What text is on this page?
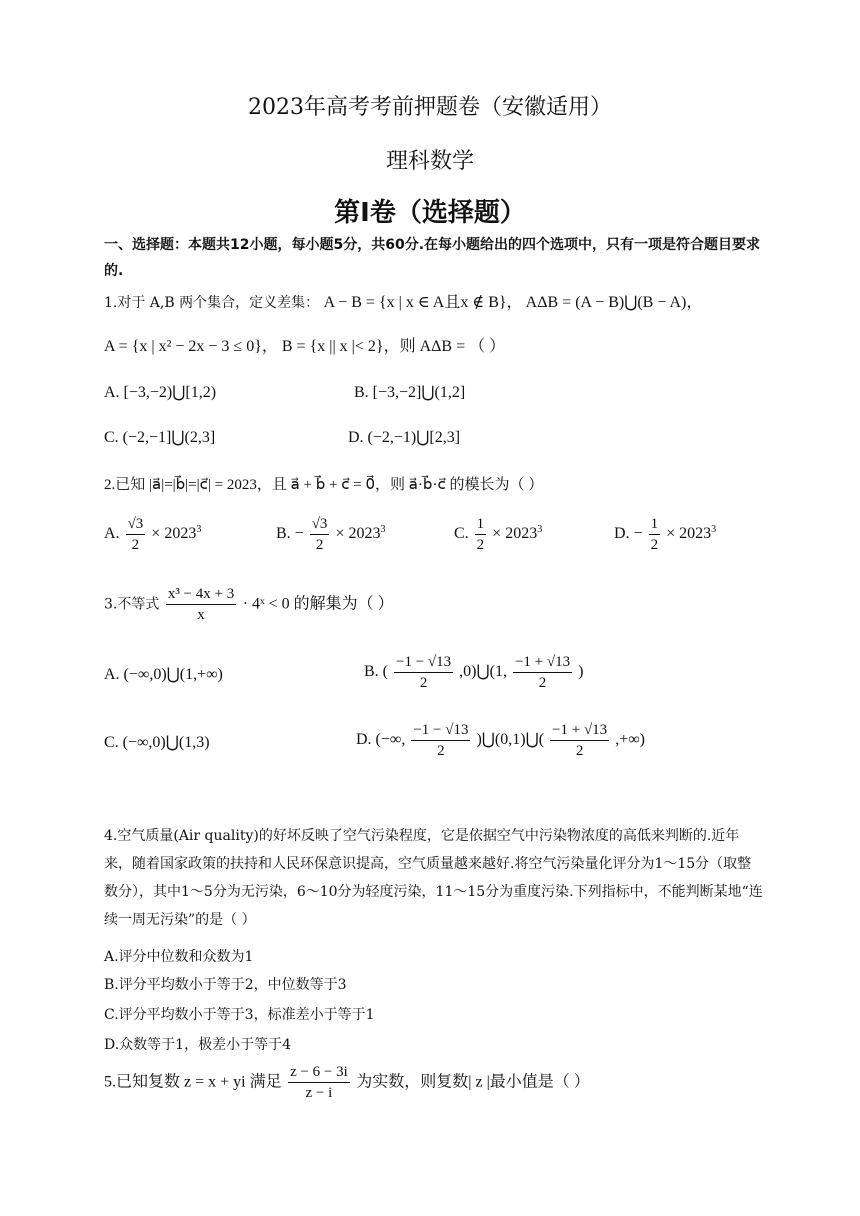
2023年高考考前押题卷（安徽适用）
理科数学
第Ⅰ卷（选择题）
一、选择题：本题共12小题，每小题5分，共60分.在每小题给出的四个选项中，只有一项是符合题目要求的.
1.对于 A,B 两个集合，定义差集： A − B = {x | x ∈ A且x ∉ B}， AΔB = (A − B)⋃(B − A)，
A = {x | x² − 2x − 3 ≤ 0}， B = {x || x |< 2}，则 AΔB = （ ）
A. [−3,−2)⋃[1,2)	B. [−3,−2]⋃(1,2]
C. (−2,−1]⋃(2,3]	D. (−2,−1)⋃[2,3]
2.已知 |a⃗|=|b⃗|=|c⃗| = 2023，且 a⃗ + b⃗ + c⃗ = 0⃗，则 a⃗·b⃗·c⃗ 的模长为（ ）
A. $\frac{√3}{2} \times 2023^3$	B. − $\frac{√3}{2} \times 2023^3$	C. $\frac{1}{2} \times 2023^3$	D. − $\frac{1}{2} \times 2023^3$
3.不等式 $\frac{\text{x³ − 4x + 3}}{x}$ · 4ˣ < 0 的解集为（ ）
A. (−∞,0)⋃(1,+∞)	B. ( $\frac{-1 - √13}{2}$ ,0)⋃(1, $\frac{-1 + √13}{2}$ )
C. (−∞,0)⋃(1,3)	D. (−∞, $\frac{-1 - √13}{2}$ )⋃(0,1)⋃( $\frac{-1 + √13}{2}$ ,+∞)
4.空气质量(Air quality)的好坏反映了空气污染程度，它是依据空气中污染物浓度的高低来判断的.近年来，随着国家政策的扶持和人民环保意识提高，空气质量越来越好.将空气污染量化评分为1～15分（取整数分），其中1～5分为无污染，6～10分为轻度污染，11～15分为重度污染.下列指标中，不能判断某地“连续一周无污染”的是（ ）
A.评分中位数和众数为1
B.评分平均数小于等于2，中位数等于3
C.评分平均数小于等于3，标准差小于等于1
D.众数等于1，极差小于等于4
5.已知复数 z = x + yi 满足 $\frac{z - 6 - 3i}{z - i}$ 为实数，则复数| z |最小值是（ ）
